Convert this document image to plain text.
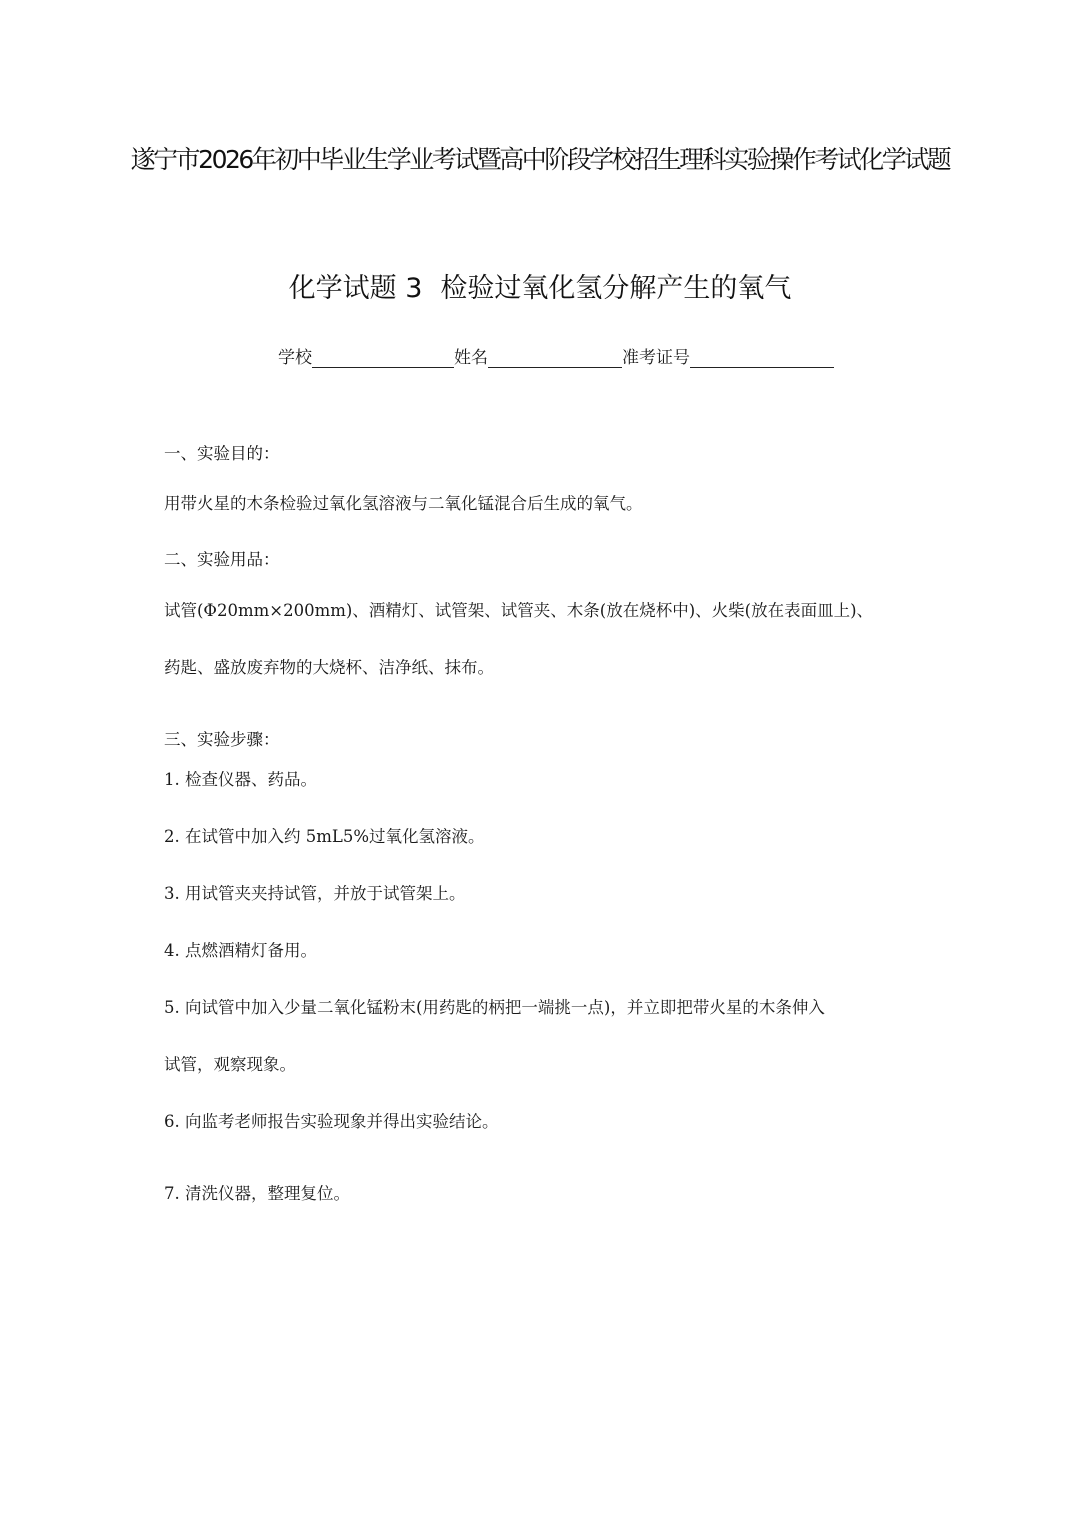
遂宁市2026年初中毕业生学业考试暨高中阶段学校招生理科实验操作考试化学试题
化学试题 3 检验过氧化氢分解产生的氧气
学校	姓名	准考证号
一、实验目的：
用带火星的木条检验过氧化氢溶液与二氧化锰混合后生成的氧气。
二、实验用品：
试管(Φ20mm×200mm)、酒精灯、试管架、试管夹、木条(放在烧杯中)、火柴(放在表面皿上)、
药匙、盛放废弃物的大烧杯、洁净纸、抹布。
三、实验步骤：
1. 检查仪器、药品。
2. 在试管中加入约 5mL5%过氧化氢溶液。
3. 用试管夹夹持试管，并放于试管架上。
4. 点燃酒精灯备用。
5. 向试管中加入少量二氧化锰粉末(用药匙的柄把一端挑一点)，并立即把带火星的木条伸入
试管，观察现象。
6. 向监考老师报告实验现象并得出实验结论。
7. 清洗仪器，整理复位。
